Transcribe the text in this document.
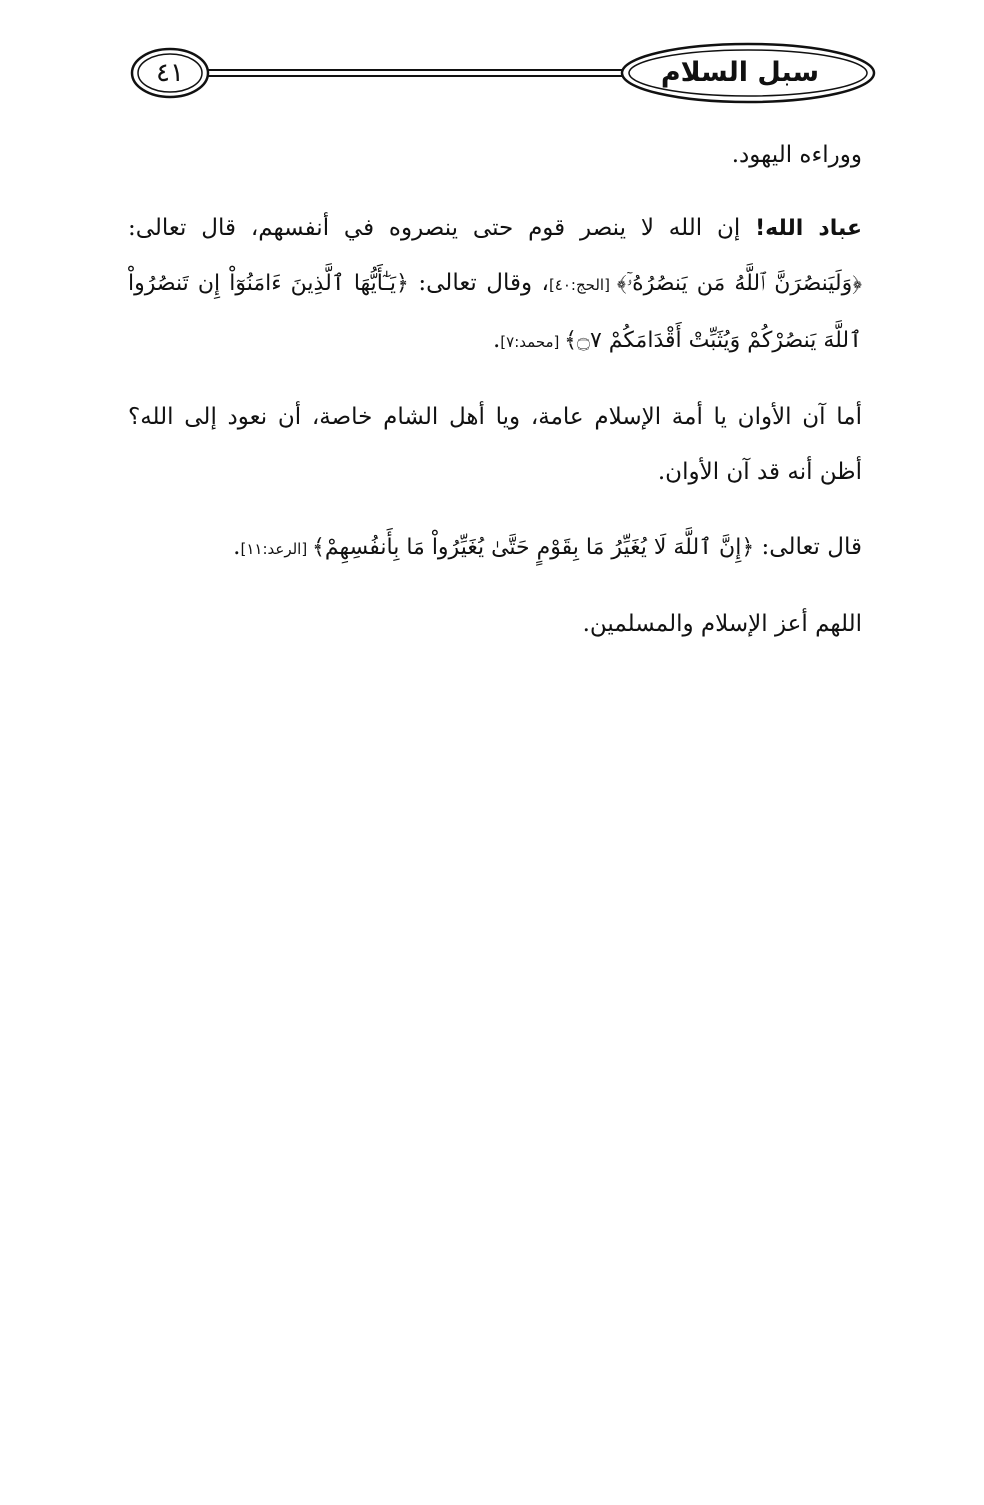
سبل السلام
٤١

ووراءه اليهود.

عباد الله! إن الله لا ينصر قوم حتى ينصروه في أنفسهم، قال تعالى: ﴿وَلَيَنصُرَنَّ ٱللَّهُ مَن يَنصُرُهُۥٓ﴾ [الحج:٤٠]، وقال تعالى: ﴿يَـٰٓأَيُّهَا ٱلَّذِينَ ءَامَنُوٓاْ إِن تَنصُرُواْ ٱللَّهَ يَنصُرْكُمْ وَيُثَبِّتْ أَقْدَامَكُمْ ۝٧﴾ [محمد:٧].

أما آن الأوان يا أمة الإسلام عامة، ويا أهل الشام خاصة، أن نعود إلى الله؟ أظن أنه قد آن الأوان.

قال تعالى: ﴿إِنَّ ٱللَّهَ لَا يُغَيِّرُ مَا بِقَوْمٍ حَتَّىٰ يُغَيِّرُواْ مَا بِأَنفُسِهِمْ﴾ [الرعد:١١].

اللهم أعز الإسلام والمسلمين.
